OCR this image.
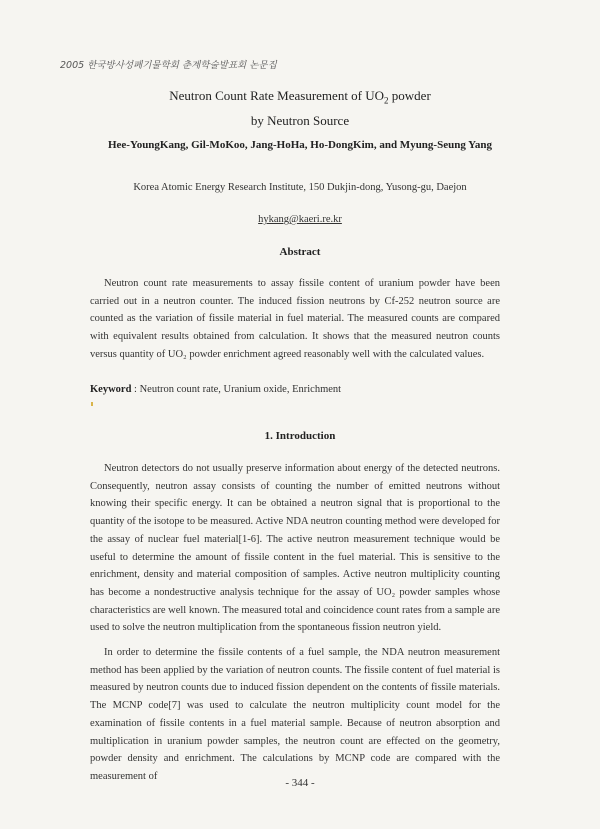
2005 한국방사성폐기물학회 춘계학술발표회 논문집
Neutron Count Rate Measurement of $UO_2$ powder
by Neutron Source
Hee-YoungKang, Gil-MoKoo, Jang-HoHa, Ho-DongKim, and Myung-Seung Yang
Korea Atomic Energy Research Institute, 150 Dukjin-dong, Yusong-gu, Daejon
hykang@kaeri.re.kr
Abstract
Neutron count rate measurements to assay fissile content of uranium powder have been carried out in a neutron counter. The induced fission neutrons by Cf-252 neutron source are counted as the variation of fissile material in fuel material. The measured counts are compared with equivalent results obtained from calculation. It shows that the measured neutron counts versus quantity of UO₂ powder enrichment agreed reasonably well with the calculated values.
Keyword : Neutron count rate, Uranium oxide, Enrichment
1. Introduction
Neutron detectors do not usually preserve information about energy of the detected neutrons. Consequently, neutron assay consists of counting the number of emitted neutrons without knowing their specific energy. It can be obtained a neutron signal that is proportional to the quantity of the isotope to be measured. Active NDA neutron counting method were developed for the assay of nuclear fuel material[1-6]. The active neutron measurement technique would be useful to determine the amount of fissile content in the fuel material. This is sensitive to the enrichment, density and material composition of samples. Active neutron multiplicity counting has become a nondestructive analysis technique for the assay of UO₂ powder samples whose characteristics are well known. The measured total and coincidence count rates from a sample are used to solve the neutron multiplication from the spontaneous fission neutron yield.
In order to determine the fissile contents of a fuel sample, the NDA neutron measurement method has been applied by the variation of neutron counts. The fissile content of fuel material is measured by neutron counts due to induced fission dependent on the contents of fissile materials. The MCNP code[7] was used to calculate the neutron multiplicity count model for the examination of fissile contents in a fuel material sample. Because of neutron absorption and multiplication in uranium powder samples, the neutron count are effected on the geometry, powder density and enrichment. The calculations by MCNP code are compared with the measurement of
- 344 -
